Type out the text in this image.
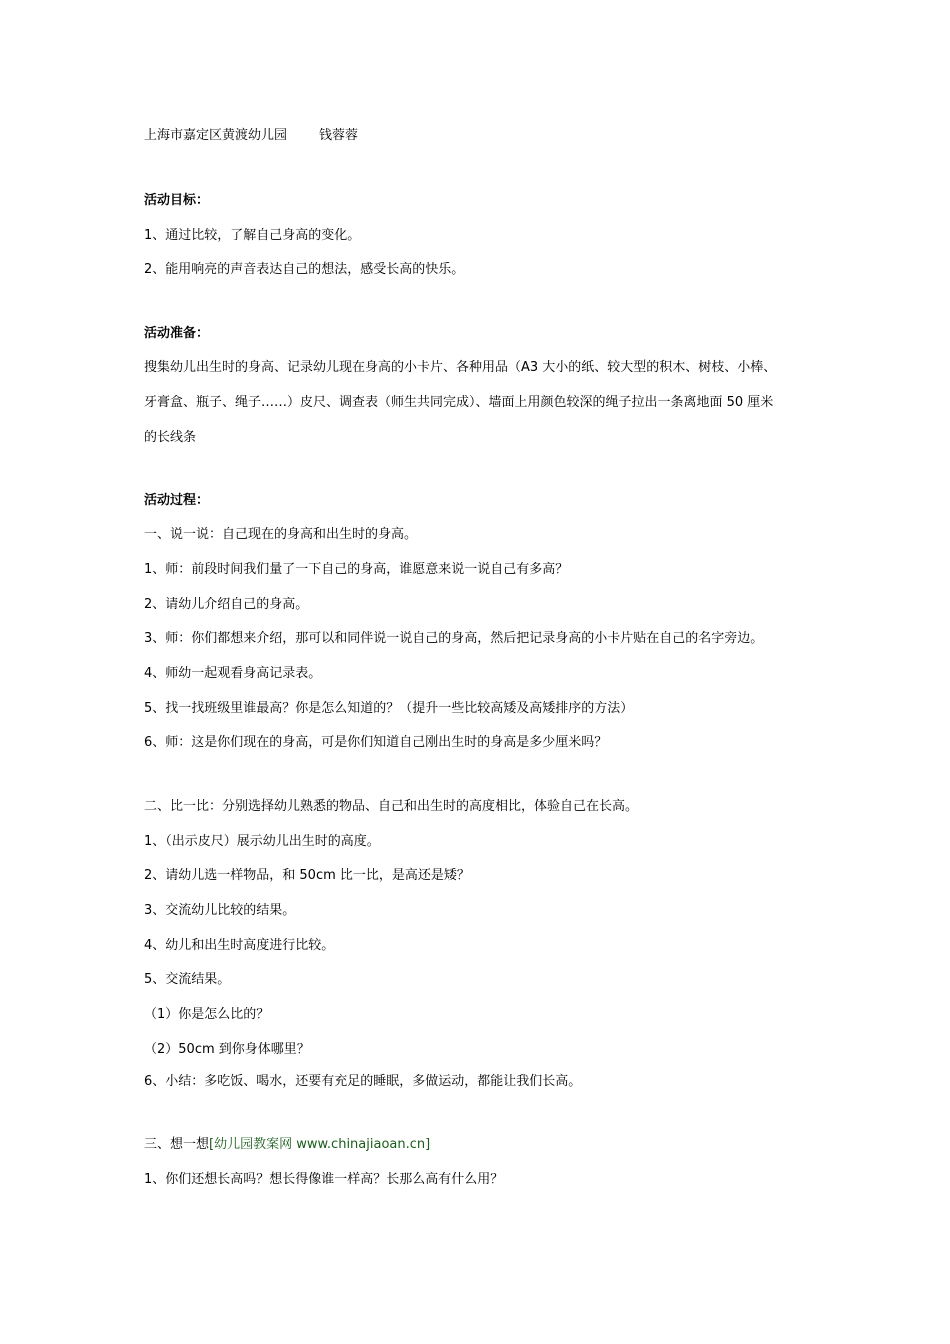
上海市嘉定区黄渡幼儿园 钱蓉蓉
活动目标：
1、通过比较，了解自己身高的变化。
2、能用响亮的声音表达自己的想法，感受长高的快乐。
活动准备：
搜集幼儿出生时的身高、记录幼儿现在身高的小卡片、各种用品（A3 大小的纸、较大型的积木、树枝、小棒、
牙膏盒、瓶子、绳子……）皮尺、调查表（师生共同完成）、墙面上用颜色较深的绳子拉出一条离地面 50 厘米
的长线条
活动过程：
一、说一说：自己现在的身高和出生时的身高。
1、师：前段时间我们量了一下自己的身高，谁愿意来说一说自己有多高？
2、请幼儿介绍自己的身高。
3、师：你们都想来介绍，那可以和同伴说一说自己的身高，然后把记录身高的小卡片贴在自己的名字旁边。
4、师幼一起观看身高记录表。
5、找一找班级里谁最高？你是怎么知道的？（提升一些比较高矮及高矮排序的方法）
6、师：这是你们现在的身高，可是你们知道自己刚出生时的身高是多少厘米吗？
二、比一比：分别选择幼儿熟悉的物品、自己和出生时的高度相比，体验自己在长高。
1、（出示皮尺）展示幼儿出生时的高度。
2、请幼儿选一样物品，和 50cm 比一比，是高还是矮？
3、交流幼儿比较的结果。
4、幼儿和出生时高度进行比较。
5、交流结果。
（1）你是怎么比的？
（2）50cm 到你身体哪里？
6、小结：多吃饭、喝水，还要有充足的睡眠，多做运动，都能让我们长高。
三、想一想[幼儿园教案网 www.chinajiaoan.cn]
1、你们还想长高吗？想长得像谁一样高？长那么高有什么用？
